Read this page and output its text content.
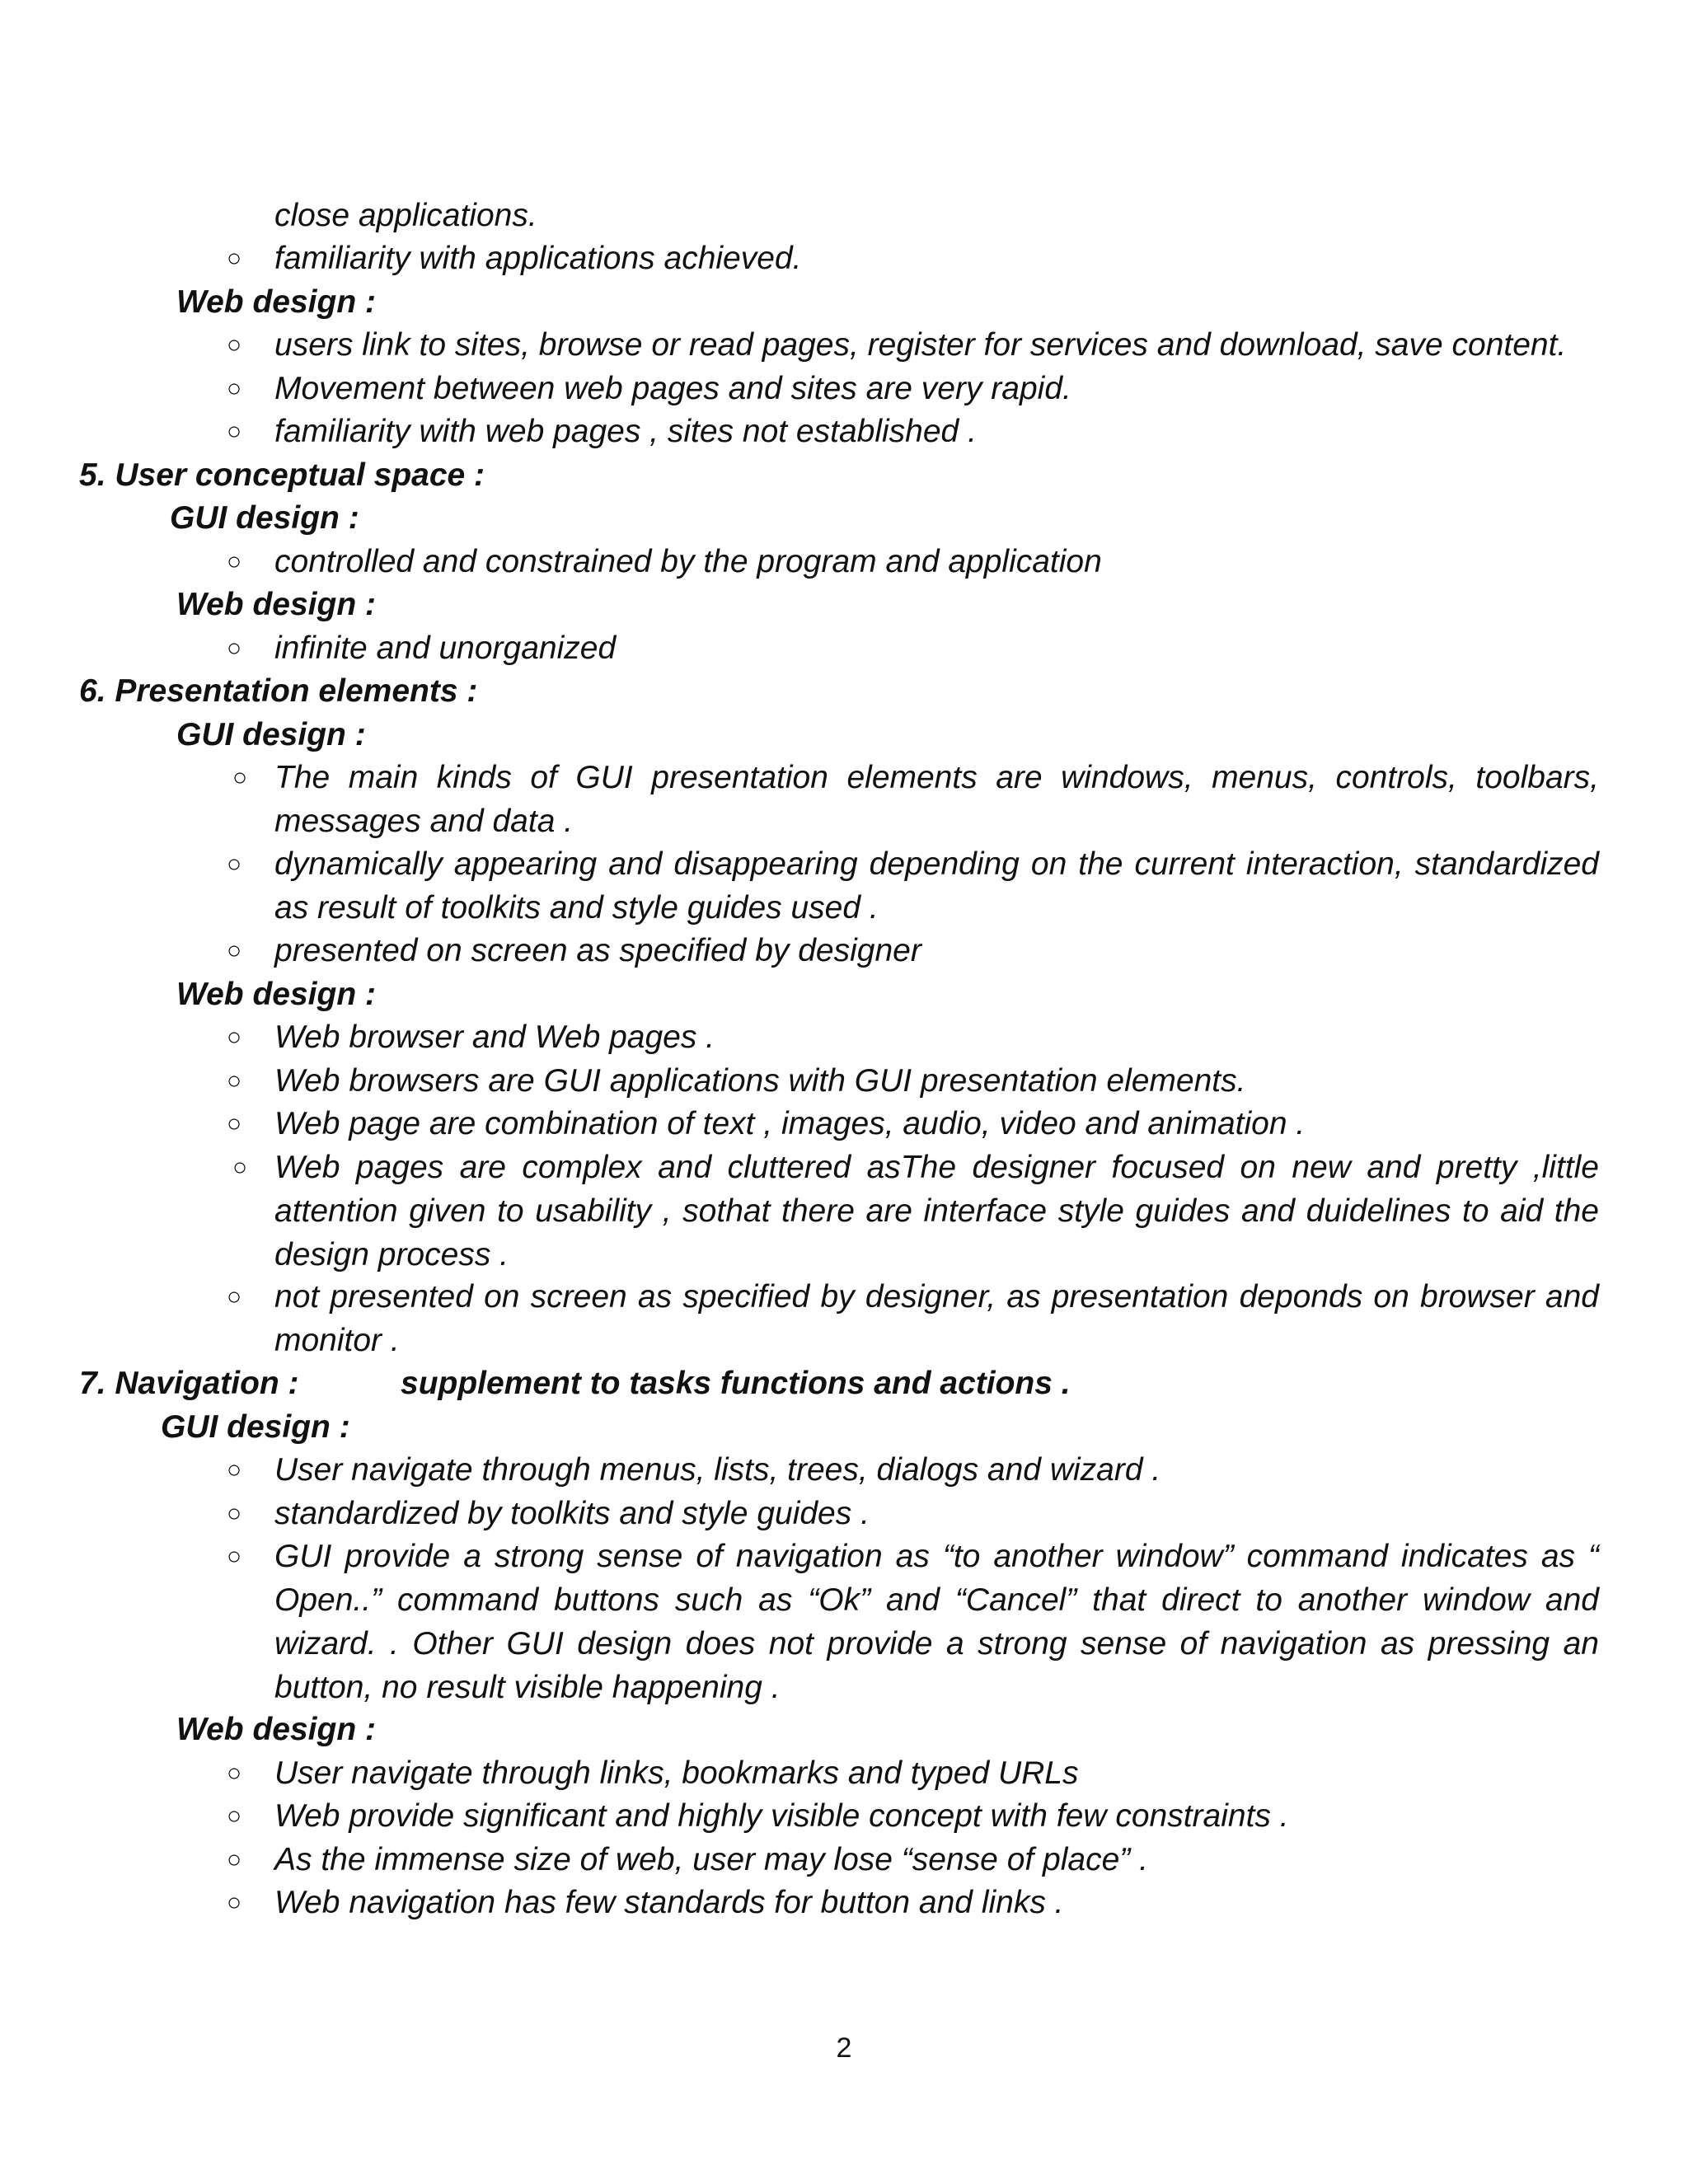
close applications.
○ familiarity with applications achieved.
Web design :
○ users link to sites, browse or read pages, register for services and download, save content.
○ Movement between web pages and sites are very rapid.
○ familiarity with web pages , sites not established .
5. User conceptual space :
GUI design :
○ controlled and constrained by the program and application
Web design :
○ infinite and unorganized
6. Presentation elements :
GUI design :
○ The main kinds of GUI presentation elements are windows, menus, controls, toolbars, messages and data .
○ dynamically appearing and disappearing depending on the current interaction, standardized as result of toolkits and style guides used .
○ presented on screen as specified by designer
Web design :
○ Web browser and Web pages .
○ Web browsers are GUI applications with GUI presentation elements.
○ Web page are combination of text , images, audio, video and animation .
○ Web pages are complex and cluttered asThe designer focused on new and pretty ,little attention given to usability , sothat there are interface style guides and duidelines to aid the design process .
○ not presented on screen as specified by designer, as presentation deponds on browser and monitor .
7. Navigation :	supplement to tasks functions and actions .
GUI design :
○ User navigate through menus, lists, trees, dialogs and wizard .
○ standardized by toolkits and style guides .
○ GUI provide a strong sense of navigation as “to another window” command indicates as “ Open..” command buttons such as “Ok” and “Cancel” that direct to another window and wizard. . Other GUI design does not provide a strong sense of navigation as pressing an button, no result visible happening .
Web design :
○ User navigate through links, bookmarks and typed URLs
○ Web provide significant and highly visible concept with few constraints .
○ As the immense size of web, user may lose “sense of place” .
○ Web navigation has few standards for button and links .
2
